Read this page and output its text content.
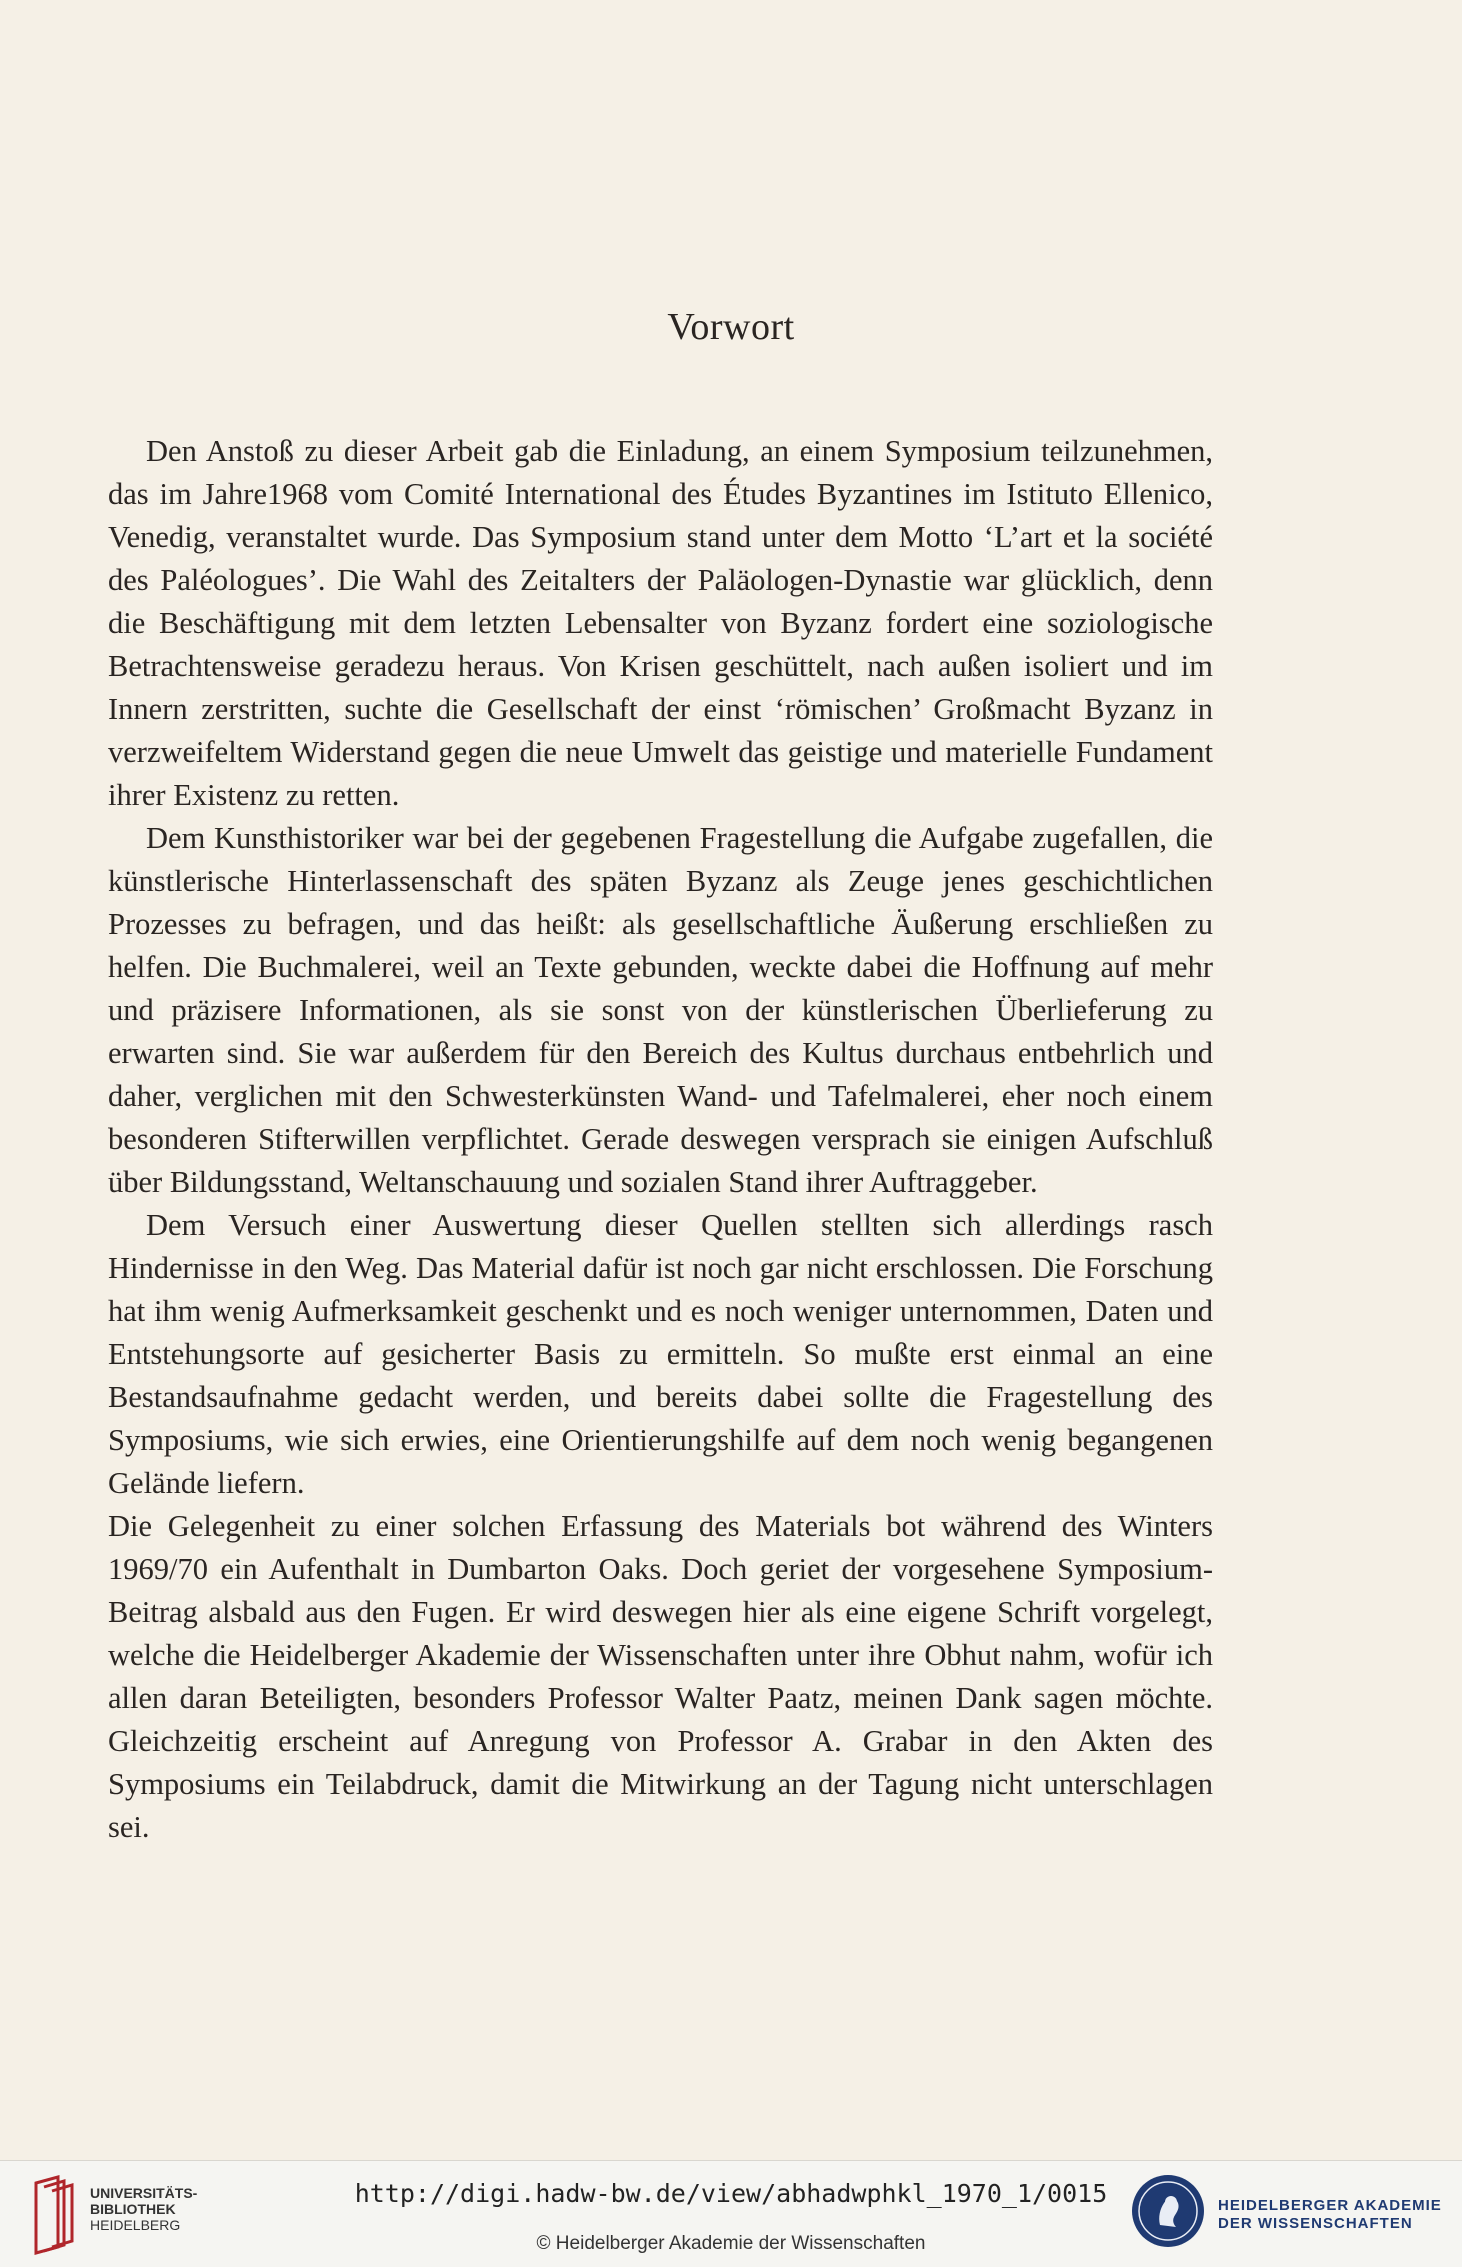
Vorwort

Den Anstoß zu dieser Arbeit gab die Einladung, an einem Symposium teilzunehmen, das im Jahre1968 vom Comité International des Études Byzantines im Istituto Ellenico, Venedig, veranstaltet wurde. Das Symposium stand unter dem Motto ‘L’art et la société des Paléologues’. Die Wahl des Zeitalters der Paläologen-Dynastie war glücklich, denn die Beschäftigung mit dem letzten Lebensalter von Byzanz fordert eine soziologische Betrachtensweise geradezu heraus. Von Krisen geschüttelt, nach außen isoliert und im Innern zerstritten, suchte die Gesellschaft der einst ‘römischen’ Großmacht Byzanz in verzweifeltem Widerstand gegen die neue Umwelt das geistige und materielle Fundament ihrer Existenz zu retten.

Dem Kunsthistoriker war bei der gegebenen Fragestellung die Aufgabe zugefallen, die künstlerische Hinterlassenschaft des späten Byzanz als Zeuge jenes geschichtlichen Prozesses zu befragen, und das heißt: als gesellschaftliche Äußerung erschließen zu helfen. Die Buchmalerei, weil an Texte gebunden, weckte dabei die Hoffnung auf mehr und präzisere Informationen, als sie sonst von der künstlerischen Überlieferung zu erwarten sind. Sie war außerdem für den Bereich des Kultus durchaus entbehrlich und daher, verglichen mit den Schwesterkünsten Wand- und Tafelmalerei, eher noch einem besonderen Stifterwillen verpflichtet. Gerade deswegen versprach sie einigen Aufschluß über Bildungsstand, Weltanschauung und sozialen Stand ihrer Auftraggeber.

Dem Versuch einer Auswertung dieser Quellen stellten sich allerdings rasch Hindernisse in den Weg. Das Material dafür ist noch gar nicht erschlossen. Die Forschung hat ihm wenig Aufmerksamkeit geschenkt und es noch weniger unternommen, Daten und Entstehungsorte auf gesicherter Basis zu ermitteln. So mußte erst einmal an eine Bestandsaufnahme gedacht werden, und bereits dabei sollte die Fragestellung des Symposiums, wie sich erwies, eine Orientierungshilfe auf dem noch wenig begangenen Gelände liefern.

Die Gelegenheit zu einer solchen Erfassung des Materials bot während des Winters 1969/70 ein Aufenthalt in Dumbarton Oaks. Doch geriet der vorgesehene Symposium-Beitrag alsbald aus den Fugen. Er wird deswegen hier als eine eigene Schrift vorgelegt, welche die Heidelberger Akademie der Wissenschaften unter ihre Obhut nahm, wofür ich allen daran Beteiligten, besonders Professor Walter Paatz, meinen Dank sagen möchte. Gleichzeitig erscheint auf Anregung von Professor A. Grabar in den Akten des Symposiums ein Teilabdruck, damit die Mitwirkung an der Tagung nicht unterschlagen sei.

UNIVERSITÄTS-
BIBLIOTHEK
HEIDELBERG
http://digi.hadw-bw.de/view/abhadwphkl_1970_1/0015
© Heidelberger Akademie der Wissenschaften
HEIDELBERGER AKADEMIE
DER WISSENSCHAFTEN
